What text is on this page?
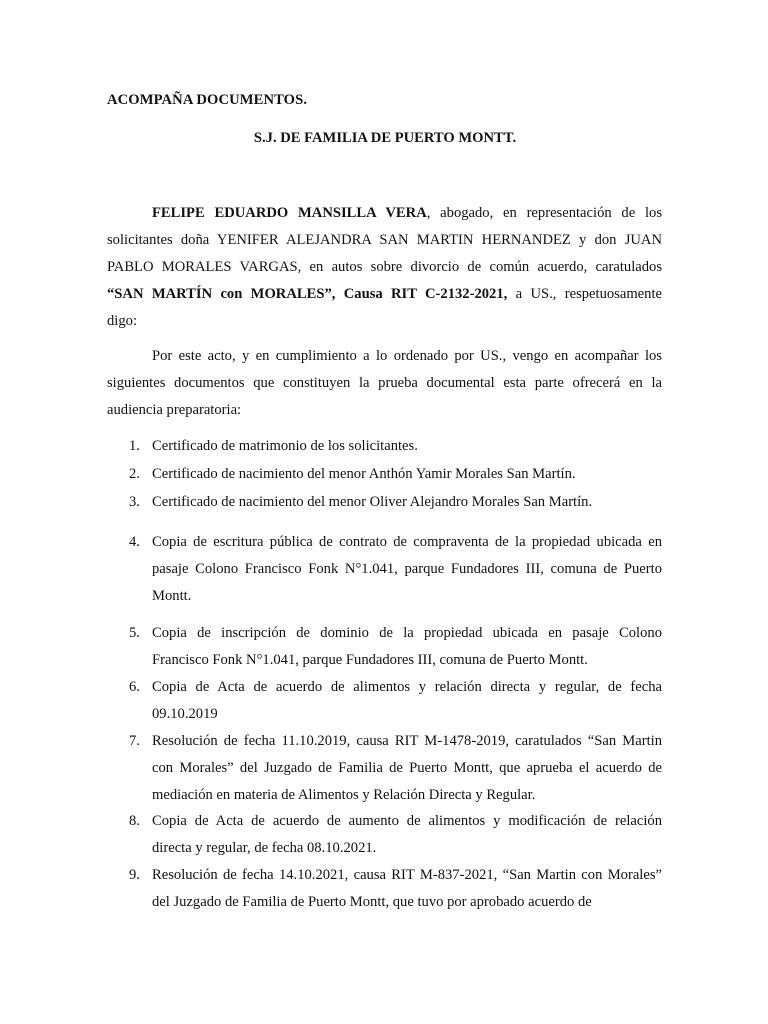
ACOMPAÑA DOCUMENTOS.
S.J. DE FAMILIA DE PUERTO MONTT.
FELIPE EDUARDO MANSILLA VERA, abogado, en representación de los
solicitantes doña YENIFER ALEJANDRA SAN MARTIN HERNANDEZ y don JUAN
PABLO MORALES VARGAS, en autos sobre divorcio de común acuerdo, caratulados
“SAN MARTÍN con MORALES”, Causa RIT C-2132-2021, a US., respetuosamente
digo:
Por este acto, y en cumplimiento a lo ordenado por US., vengo en acompañar los
siguientes documentos que constituyen la prueba documental esta parte ofrecerá en la
audiencia preparatoria:
1. Certificado de matrimonio de los solicitantes.
2. Certificado de nacimiento del menor Anthón Yamir Morales San Martín.
3. Certificado de nacimiento del menor Oliver Alejandro Morales San Martín.
4. Copia de escritura pública de contrato de compraventa de la propiedad ubicada en
pasaje Colono Francisco Fonk N°1.041, parque Fundadores III, comuna de Puerto
Montt.
5. Copia de inscripción de dominio de la propiedad ubicada en pasaje Colono
Francisco Fonk N°1.041, parque Fundadores III, comuna de Puerto Montt.
6. Copia de Acta de acuerdo de alimentos y relación directa y regular, de fecha
09.10.2019
7. Resolución de fecha 11.10.2019, causa RIT M-1478-2019, caratulados “San Martin
con Morales” del Juzgado de Familia de Puerto Montt, que aprueba el acuerdo de
mediación en materia de Alimentos y Relación Directa y Regular.
8. Copia de Acta de acuerdo de aumento de alimentos y modificación de relación
directa y regular, de fecha 08.10.2021.
9. Resolución de fecha 14.10.2021, causa RIT M-837-2021, “San Martin con Morales”
del Juzgado de Familia de Puerto Montt, que tuvo por aprobado acuerdo de
